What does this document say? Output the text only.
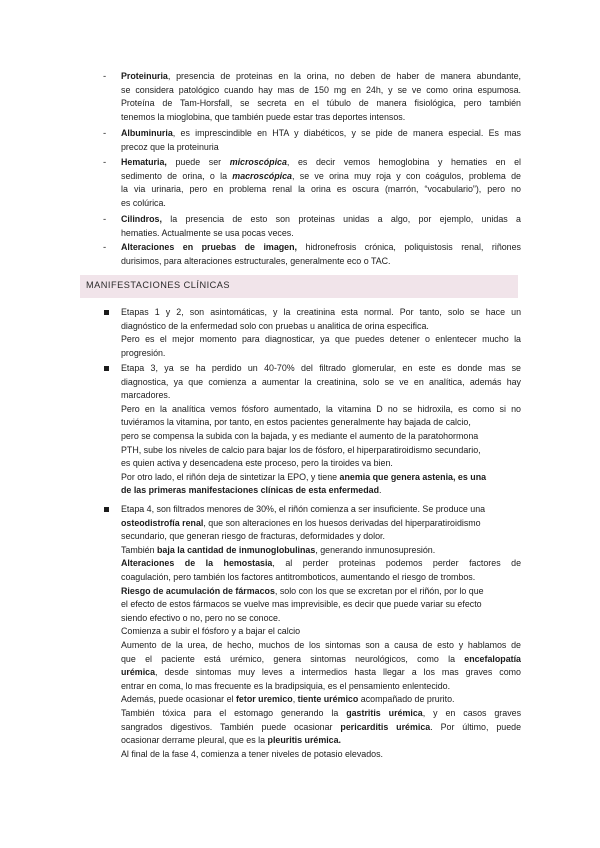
- Proteinuria, presencia de proteinas en la orina, no deben de haber de manera abundante,
se considera patológico cuando hay mas de 150 mg en 24h, y se ve como orina espumosa.
Proteína de Tam-Horsfall, se secreta en el túbulo de manera fisiológica, pero también
tenemos la mioglobina, que también puede estar tras deportes intensos.
- Albuminuria, es imprescindible en HTA y diabéticos, y se pide de manera especial. Es mas
precoz que la proteinuria
- Hematuria, puede ser microscópica, es decir vemos hemoglobina y hematies en el
sedimento de orina, o la macroscópica, se ve orina muy roja y con coágulos, problema de
la via urinaria, pero en problema renal la orina es oscura (marrón, “vocabulario”), pero no
es colúrica.
- Cilindros, la presencia de esto son proteinas unidas a algo, por ejemplo, unidas a
hematies. Actualmente se usa pocas veces.
- Alteraciones en pruebas de imagen, hidronefrosis crónica, poliquistosis renal, riñones
durisimos, para alteraciones estructurales, generalmente eco o TAC.
MANIFESTACIONES CLÍNICAS
Etapas 1 y 2, son asintomáticas, y la creatinina esta normal. Por tanto, solo se hace un
diagnóstico de la enfermedad solo con pruebas u analitica de orina especifica.
Pero es el mejor momento para diagnosticar, ya que puedes detener o enlentecer mucho la
progresión.
Etapa 3, ya se ha perdido un 40-70% del filtrado glomerular, en este es donde mas se
diagnostica, ya que comienza a aumentar la creatinina, solo se ve en analítica, además hay
marcadores.
Pero en la analítica vemos fósforo aumentado, la vitamina D no se hidroxila, es como si no
tuviéramos la vitamina, por tanto, en estos pacientes generalmente hay bajada de calcio,
pero se compensa la subida con la bajada, y es mediante el aumento de la paratohormona
PTH, sube los niveles de calcio para bajar los de fósforo, el hiperparatiroidismo secundario,
es quien activa y desencadena este proceso, pero la tiroides va bien.
Por otro lado, el riñón deja de sintetizar la EPO, y tiene anemia que genera astenia, es una
de las primeras manifestaciones clínicas de esta enfermedad.
Etapa 4, son filtrados menores de 30%, el riñón comienza a ser insuficiente. Se produce una
osteodistrofía renal, que son alteraciones en los huesos derivadas del hiperparatiroidismo
secundario, que generan riesgo de fracturas, deformidades y dolor.
También baja la cantidad de inmunoglobulinas, generando inmunosupresión.
Alteraciones de la hemostasia, al perder proteinas podemos perder factores de
coagulación, pero también los factores antitromboticos, aumentando el riesgo de trombos.
Riesgo de acumulación de fármacos, solo con los que se excretan por el riñón, por lo que
el efecto de estos fármacos se vuelve mas imprevisible, es decir que puede variar su efecto
siendo efectivo o no, pero no se conoce.
Comienza a subir el fósforo y a bajar el calcio
Aumento de la urea, de hecho, muchos de los sintomas son a causa de esto y hablamos de
que el paciente está urémico, genera sintomas neurológicos, como la encefalopatía
urémica, desde sintomas muy leves a intermedios hasta llegar a los mas graves como
entrar en coma, lo mas frecuente es la bradipsiquia, es el pensamiento enlentecido.
Además, puede ocasionar el fetor uremico, tiente urémico acompañado de prurito.
También tóxica para el estomago generando la gastritis urémica, y en casos graves
sangrados digestivos. También puede ocasionar pericarditis urémica. Por último, puede
ocasionar derrame pleural, que es la pleuritis urémica.
Al final de la fase 4, comienza a tener niveles de potasio elevados.
